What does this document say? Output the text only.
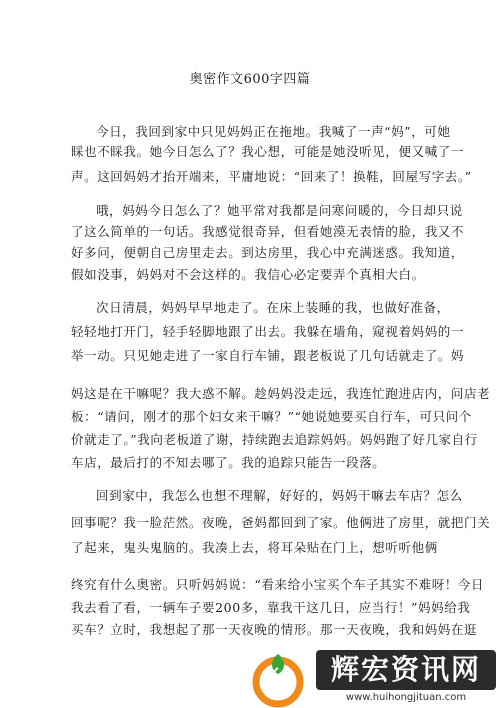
奥密作文600字四篇
今日，我回到家中只见妈妈正在拖地。我喊了一声“妈”，可她
睬也不睬我。她今日怎么了？我心想，可能是她没听见，便又喊了一
声。这回妈妈才抬开端来，平庸地说：“回来了！换鞋，回屋写字去。”
哦，妈妈今日怎么了？她平常对我都是问寒问暖的，今日却只说
了这么简单的一句话。我感觉很奇异，但看她漠无表情的脸，我又不
好多问，便朝自己房里走去。到达房里，我心中充满迷惑。我知道，
假如没事，妈妈对不会这样的。我信心必定要弄个真相大白。
次日清晨，妈妈早早地走了。在床上装睡的我，也做好准备，
轻轻地打开门，轻手轻脚地跟了出去。我躲在墙角，窥视着妈妈的一
举一动。只见她走进了一家自行车铺，跟老板说了几句话就走了。妈
妈这是在干嘛呢？我大惑不解。趁妈妈没走远，我连忙跑进店内，问店老
板：“请问，刚才的那个妇女来干嘛？”“她说她要买自行车，可只问个
价就走了。”我向老板道了谢，持续跑去追踪妈妈。妈妈跑了好几家自行
车店，最后打的不知去哪了。我的追踪只能告一段落。
回到家中，我怎么也想不理解，好好的，妈妈干嘛去车店？怎么
回事呢？我一脸茫然。夜晚，爸妈都回到了家。他俩进了房里，就把门关
了起来，鬼头鬼脑的。我凑上去，将耳朵贴在门上，想听听他俩
终究有什么奥密。只听妈妈说：“看来给小宝买个车子其实不难呀！今日
我去看了看，一辆车子要200多，靠我干这几日，应当行！”妈妈给我
买车？立时，我想起了那一天夜晚的情形。那一天夜晚，我和妈妈在逛
辉宏资讯网
www.huihongjituan.com
